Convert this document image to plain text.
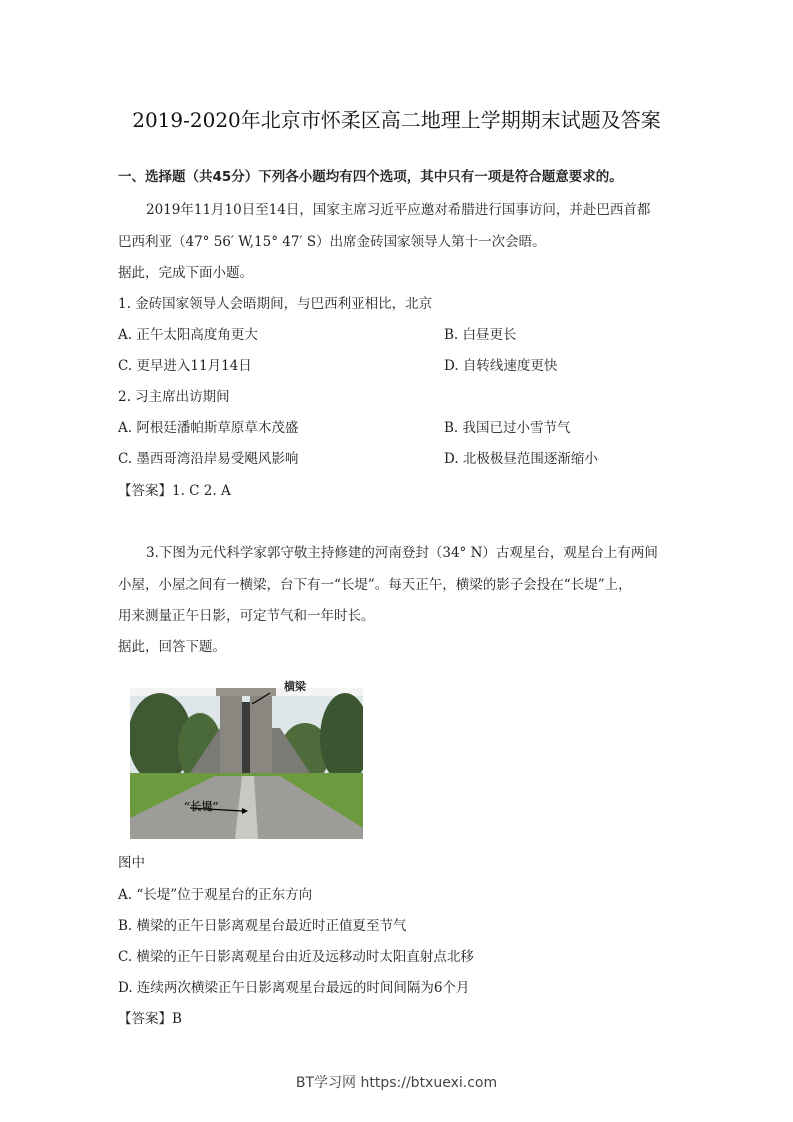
2019-2020年北京市怀柔区高二地理上学期期末试题及答案
一、选择题（共45分）下列各小题均有四个选项，其中只有一项是符合题意要求的。
2019年11月10日至14日，国家主席习近平应邀对希腊进行国事访问，并赴巴西首都
巴西利亚（47° 56′ W,15° 47′ S）出席金砖国家领导人第十一次会晤。
据此，完成下面小题。
1. 金砖国家领导人会晤期间，与巴西利亚相比，北京
A. 正午太阳高度角更大	B. 白昼更长
C. 更早进入11月14日	D. 自转线速度更快
2. 习主席出访期间
A. 阿根廷潘帕斯草原草木茂盛	B. 我国已过小雪节气
C. 墨西哥湾沿岸易受飓风影响	D. 北极极昼范围逐渐缩小
【答案】1. C 2. A
3.下图为元代科学家郭守敬主持修建的河南登封（34° N）古观星台，观星台上有两间
小屋，小屋之间有一横梁，台下有一“长堤”。每天正午，横梁的影子会投在“长堤”上，
用来测量正午日影，可定节气和一年时长。
据此，回答下题。
横梁
“长堤”
图中
A. “长堤”位于观星台的正东方向
B. 横梁的正午日影离观星台最近时正值夏至节气
C. 横梁的正午日影离观星台由近及远移动时太阳直射点北移
D. 连续两次横梁正午日影离观星台最远的时间间隔为6个月
【答案】B
BT学习网 https://btxuexi.com
